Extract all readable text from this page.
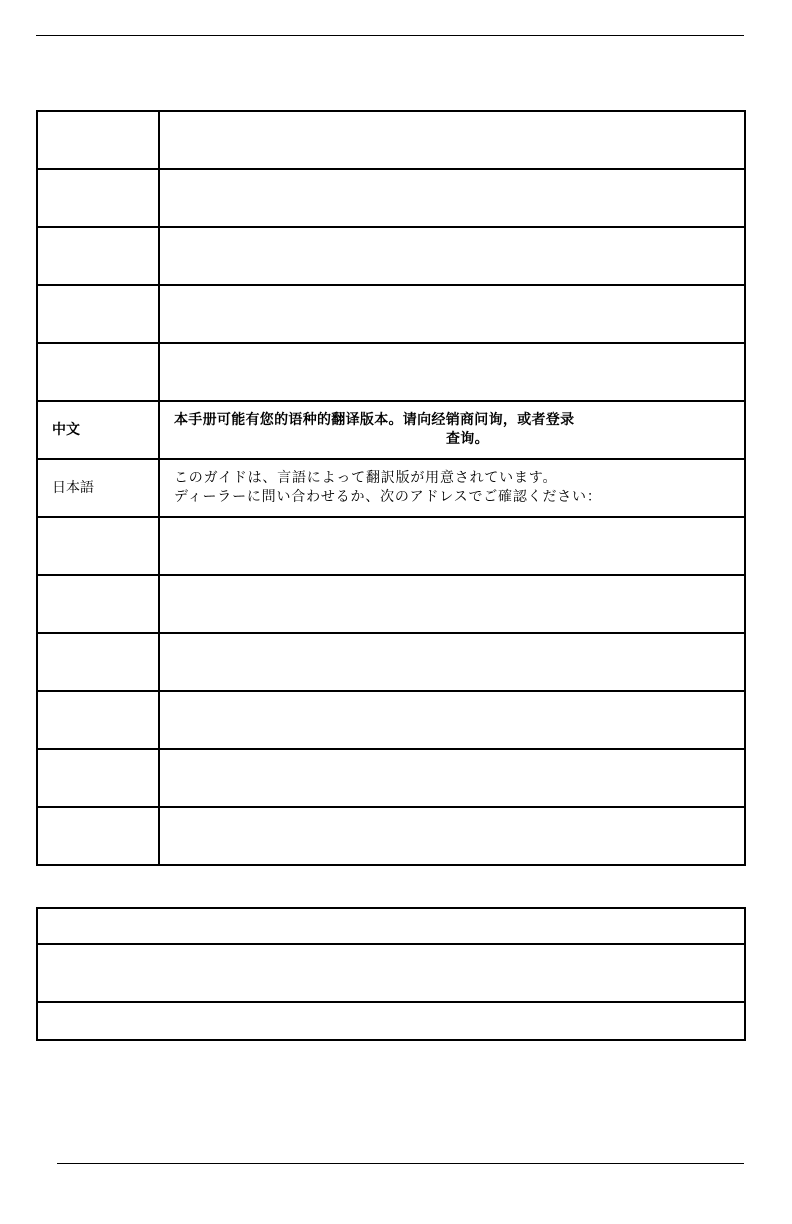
中文	本手册可能有您的语种的翻译版本。请向经销商问询，或者登录
查询。

日本語	このガイドは、言語によって翻訳版が用意されています。
ディーラーに問い合わせるか、次のアドレスでご確認ください：
